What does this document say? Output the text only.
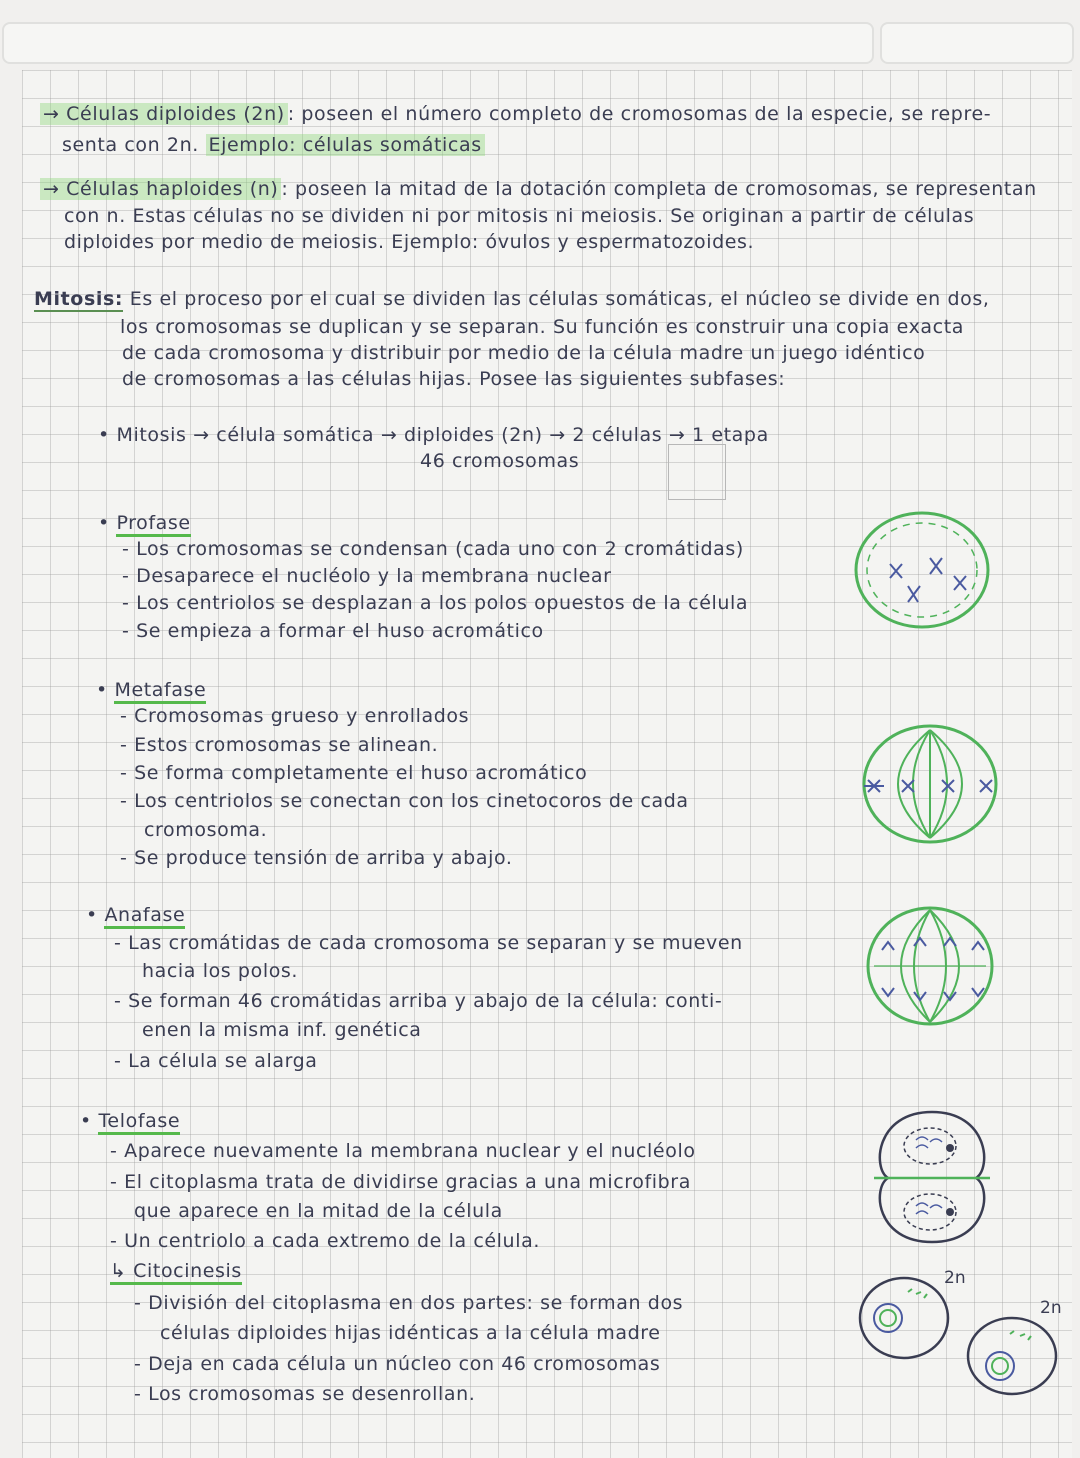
→ Células diploides (2n) : poseen el número completo de cromosomas de la especie, se repre-
senta con 2n. Ejemplo: células somáticas
→ Células haploides (n) : poseen la mitad de la dotación completa de cromosomas, se representan
con n. Estas células no se dividen ni por mitosis ni meiosis. Se originan a partir de células
diploides por medio de meiosis. Ejemplo: óvulos y espermatozoides.
Mitosis: Es el proceso por el cual se dividen las células somáticas, el núcleo se divide en dos,
los cromosomas se duplican y se separan. Su función es construir una copia exacta
de cada cromosoma y distribuir por medio de la célula madre un juego idéntico
de cromosomas a las células hijas. Posee las siguientes subfases:
• Mitosis → célula somática → diploides (2n) → 2 células → 1 etapa
46 cromosomas
• Profase
- Los cromosomas se condensan (cada uno con 2 cromátidas)
- Desaparece el nucléolo y la membrana nuclear
- Los centriolos se desplazan a los polos opuestos de la célula
- Se empieza a formar el huso acromático
• Metafase
- Cromosomas grueso y enrollados
- Estos cromosomas se alinean.
- Se forma completamente el huso acromático
- Los centriolos se conectan con los cinetocoros de cada
cromosoma.
- Se produce tensión de arriba y abajo.
• Anafase
- Las cromátidas de cada cromosoma se separan y se mueven
hacia los polos.
- Se forman 46 cromátidas arriba y abajo de la célula: conti-
enen la misma inf. genética
- La célula se alarga
• Telofase
- Aparece nuevamente la membrana nuclear y el nucléolo
- El citoplasma trata de dividirse gracias a una microfibra
que aparece en la mitad de la célula
- Un centriolo a cada extremo de la célula.
↳ Citocinesis
- División del citoplasma en dos partes: se forman dos
células diploides hijas idénticas a la célula madre
- Deja en cada célula un núcleo con 46 cromosomas
- Los cromosomas se desenrollan.
2n
2n
